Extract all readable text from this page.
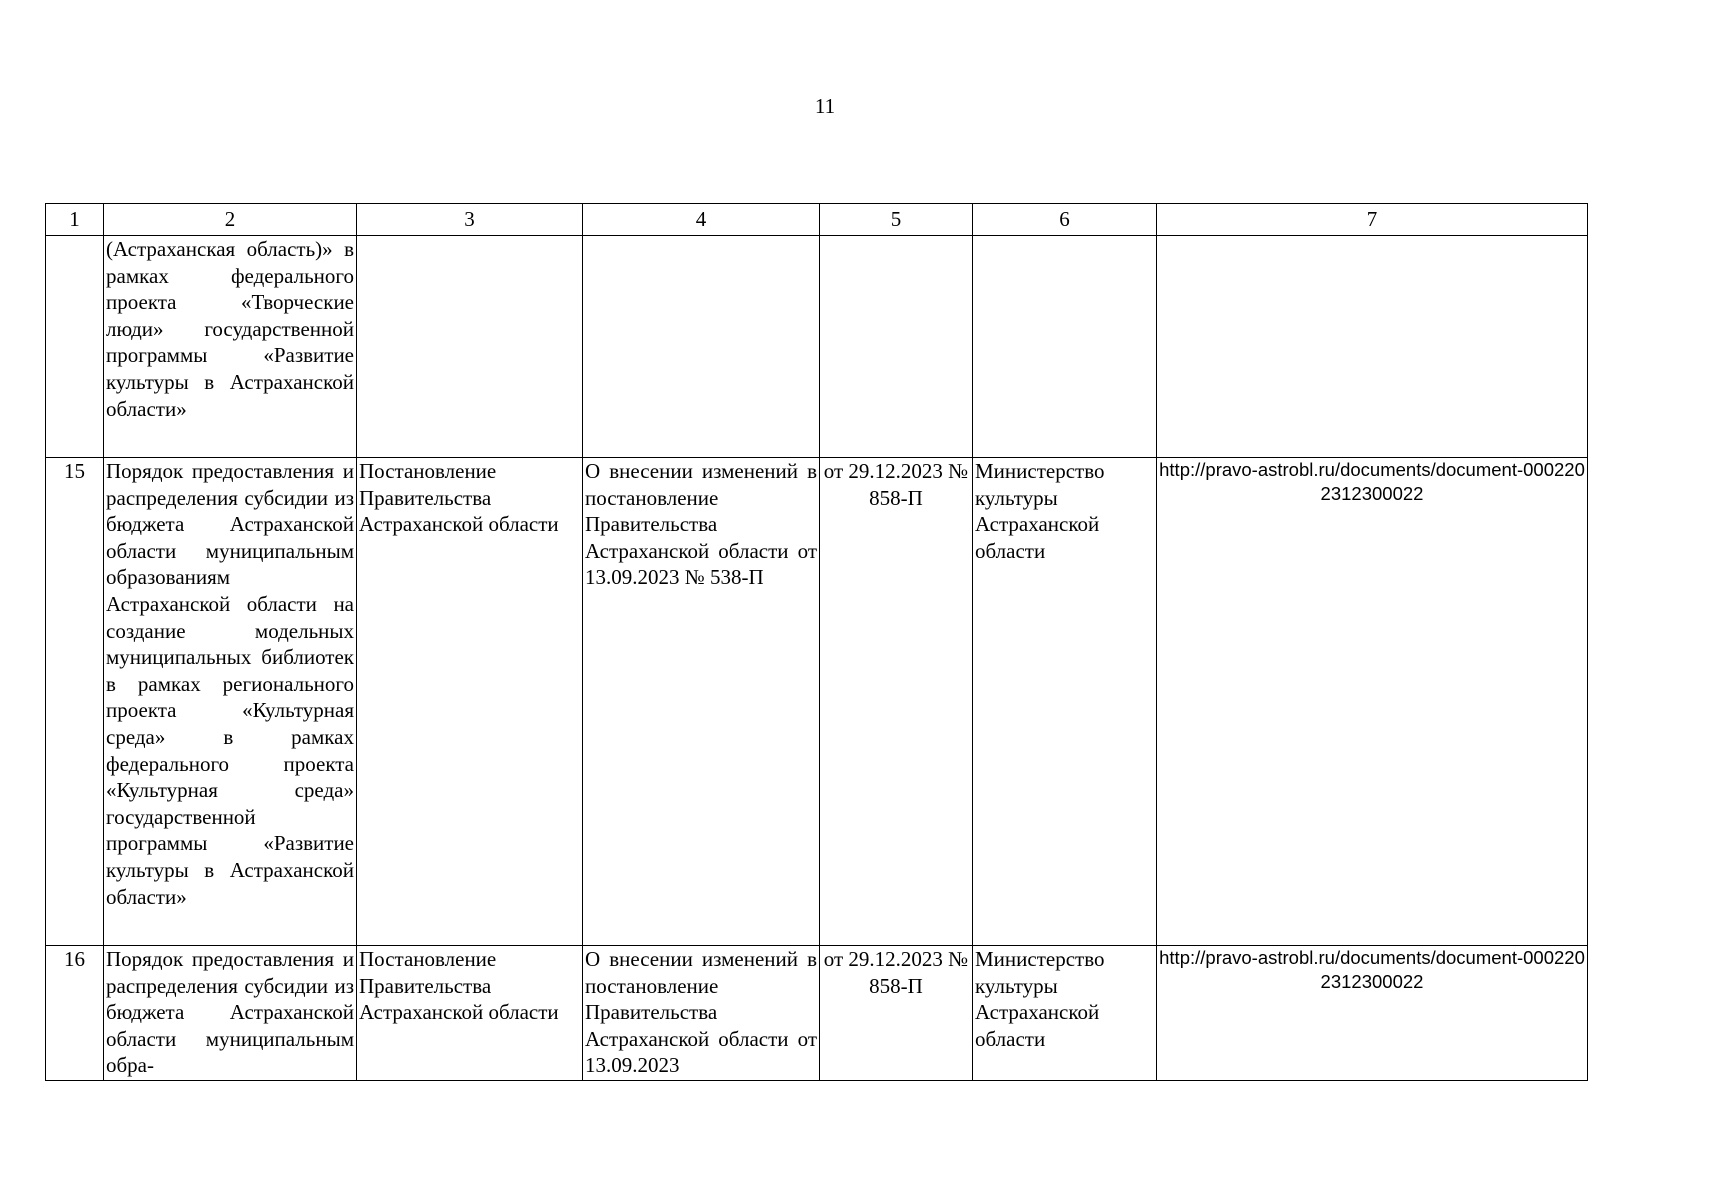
11
1	2	3	4	5	6	7
	(Астраханская область)» в рамках федерального проекта «Творческие люди» государственной программы «Развитие культуры в Астраханской области»					
15	Порядок предоставления и распределения субсидии из бюджета Астраханской области муниципальным образованиям Астраханской области на создание модельных муниципальных библиотек в рамках регионального проекта «Культурная среда» в рамках федерального проекта «Культурная среда» государственной программы «Развитие культуры в Астраханской области»	Постановление Правительства Астраханской области	О внесении изменений в постановление Правительства Астраханской области от 13.09.2023 № 538-П	от 29.12.2023 № 858-П	Министерство культуры Астраханской области	http://pravo-astrobl.ru/documents/document-0002202312300022

16	Порядок предоставления и распределения субсидии из бюджета Астраханской области муниципальным обра-	Постановление Правительства Астраханской области	О внесении изменений в постановление Правительства Астраханской области от 13.09.2023	от 29.12.2023 № 858-П	Министерство культуры Астраханской области	http://pravo-astrobl.ru/documents/document-0002202312300022
